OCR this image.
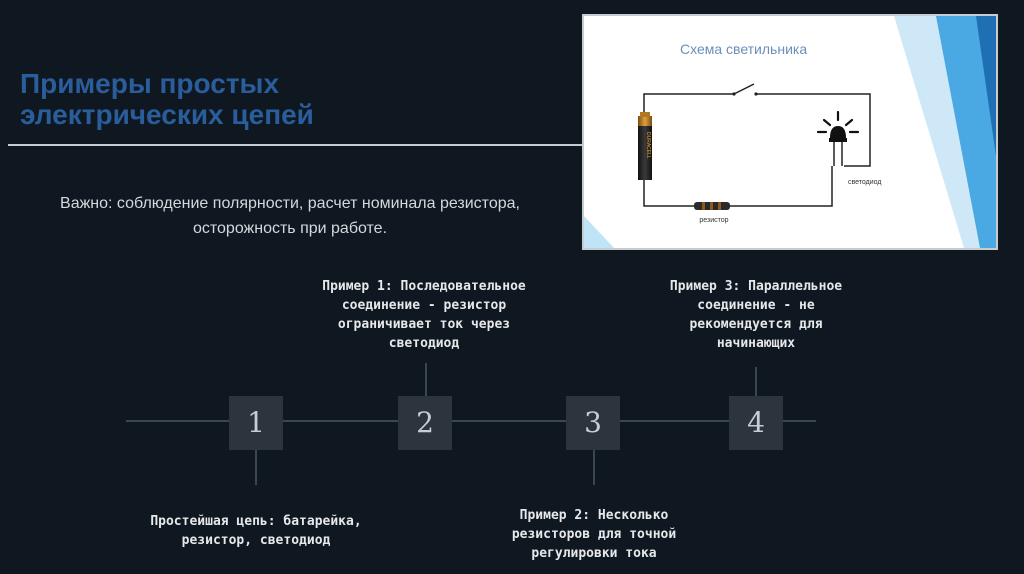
Примеры простых
электрических цепей
Важно: соблюдение полярности, расчет номинала резистора,
осторожность при работе.
Схема светильника
DURACELL
резистор
светодиод
1	2	3	4
Простейшая цепь: батарейка,
резистор, светодиод
Пример 1: Последовательное
соединение - резистор
ограничивает ток через
светодиод
Пример 2: Несколько
резисторов для точной
регулировки тока
Пример 3: Параллельное
соединение - не
рекомендуется для
начинающих
